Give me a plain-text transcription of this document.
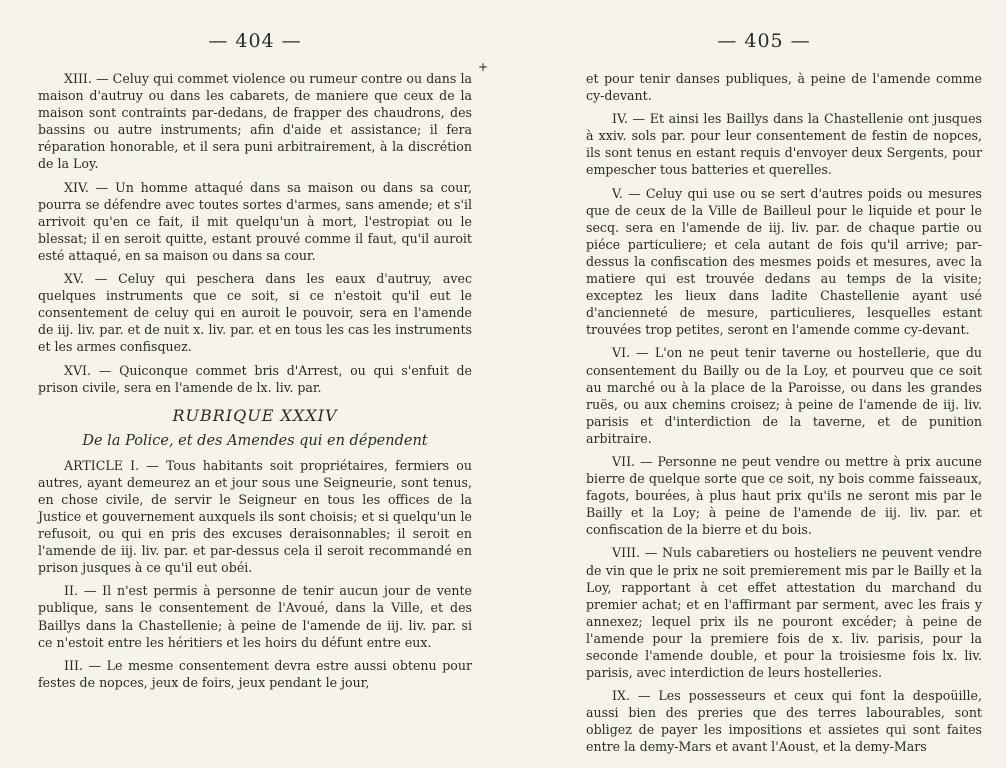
— 404 —

XIII. — Celuy qui commet violence ou rumeur contre ou dans la maison d'autruy ou dans les cabarets, de maniere que ceux de la maison sont contraints par-dedans, de frapper des chaudrons, des bassins ou autre instruments; afin d'aide et assistance; il fera réparation honorable, et il sera puni arbitrairement, à la discrétion de la Loy.

XIV. — Un homme attaqué dans sa maison ou dans sa cour, pourra se défendre avec toutes sortes d'armes, sans amende; et s'il arrivoit qu'en ce fait, il mit quelqu'un à mort, l'estropiat ou le blessat; il en seroit quitte, estant prouvé comme il faut, qu'il auroit esté attaqué, en sa maison ou dans sa cour.

XV. — Celuy qui peschera dans les eaux d'autruy, avec quelques instruments que ce soit, si ce n'estoit qu'il eut le consentement de celuy qui en auroit le pouvoir, sera en l'amende de iij. liv. par. et de nuit x. liv. par. et en tous les cas les instruments et les armes confisquez.

XVI. — Quiconque commet bris d'Arrest, ou qui s'enfuit de prison civile, sera en l'amende de lx. liv. par.

RUBRIQUE XXXIV
De la Police, et des Amendes qui en dépendent

ARTICLE I. — Tous habitants soit propriétaires, fermiers ou autres, ayant demeurez an et jour sous une Seigneurie, sont tenus, en chose civile, de servir le Seigneur en tous les offices de la Justice et gouvernement auxquels ils sont choisis; et si quelqu'un le refusoit, ou qui en pris des excuses deraisonnables; il seroit en l'amende de iij. liv. par. et par-dessus cela il seroit recommandé en prison jusques à ce qu'il eut obéi.

II. — Il n'est permis à personne de tenir aucun jour de vente publique, sans le consentement de l'Avoué, dans la Ville, et des Baillys dans la Chastellenie; à peine de l'amende de iij. liv. par. si ce n'estoit entre les héritiers et les hoirs du défunt entre eux.

III. — Le mesme consentement devra estre aussi obtenu pour festes de nopces, jeux de foirs, jeux pendant le jour,

+
— 405 —

et pour tenir danses publiques, à peine de l'amende comme cy-devant.

IV. — Et ainsi les Baillys dans la Chastellenie ont jusques à xxiv. sols par. pour leur consentement de festin de nopces, ils sont tenus en estant requis d'envoyer deux Sergents, pour empescher tous batteries et querelles.

V. — Celuy qui use ou se sert d'autres poids ou mesures que de ceux de la Ville de Bailleul pour le liquide et pour le secq. sera en l'amende de iij. liv. par. de chaque partie ou piéce particuliere; et cela autant de fois qu'il arrive; par-dessus la confiscation des mesmes poids et mesures, avec la matiere qui est trouvée dedans au temps de la visite; exceptez les lieux dans ladite Chastellenie ayant usé d'ancienneté de mesure, particulieres, lesquelles estant trouvées trop petites, seront en l'amende comme cy-devant.

VI. — L'on ne peut tenir taverne ou hostellerie, que du consentement du Bailly ou de la Loy, et pourveu que ce soit au marché ou à la place de la Paroisse, ou dans les grandes ruës, ou aux chemins croisez; à peine de l'amende de iij. liv. parisis et d'interdiction de la taverne, et de punition arbitraire.

VII. — Personne ne peut vendre ou mettre à prix aucune bierre de quelque sorte que ce soit, ny bois comme faisseaux, fagots, bourées, à plus haut prix qu'ils ne seront mis par le Bailly et la Loy; à peine de l'amende de iij. liv. par. et confiscation de la bierre et du bois.

VIII. — Nuls cabaretiers ou hosteliers ne peuvent vendre de vin que le prix ne soit premierement mis par le Bailly et la Loy, rapportant à cet effet attestation du marchand du premier achat; et en l'affirmant par serment, avec les frais y annexez; lequel prix ils ne pouront excéder; à peine de l'amende pour la premiere fois de x. liv. parisis, pour la seconde l'amende double, et pour la troisiesme fois lx. liv. parisis, avec interdiction de leurs hostelleries.

IX. — Les possesseurs et ceux qui font la despoüille, aussi bien des preries que des terres labourables, sont obligez de payer les impositions et assietes qui sont faites entre la demy-Mars et avant l'Aoust, et la demy-Mars
